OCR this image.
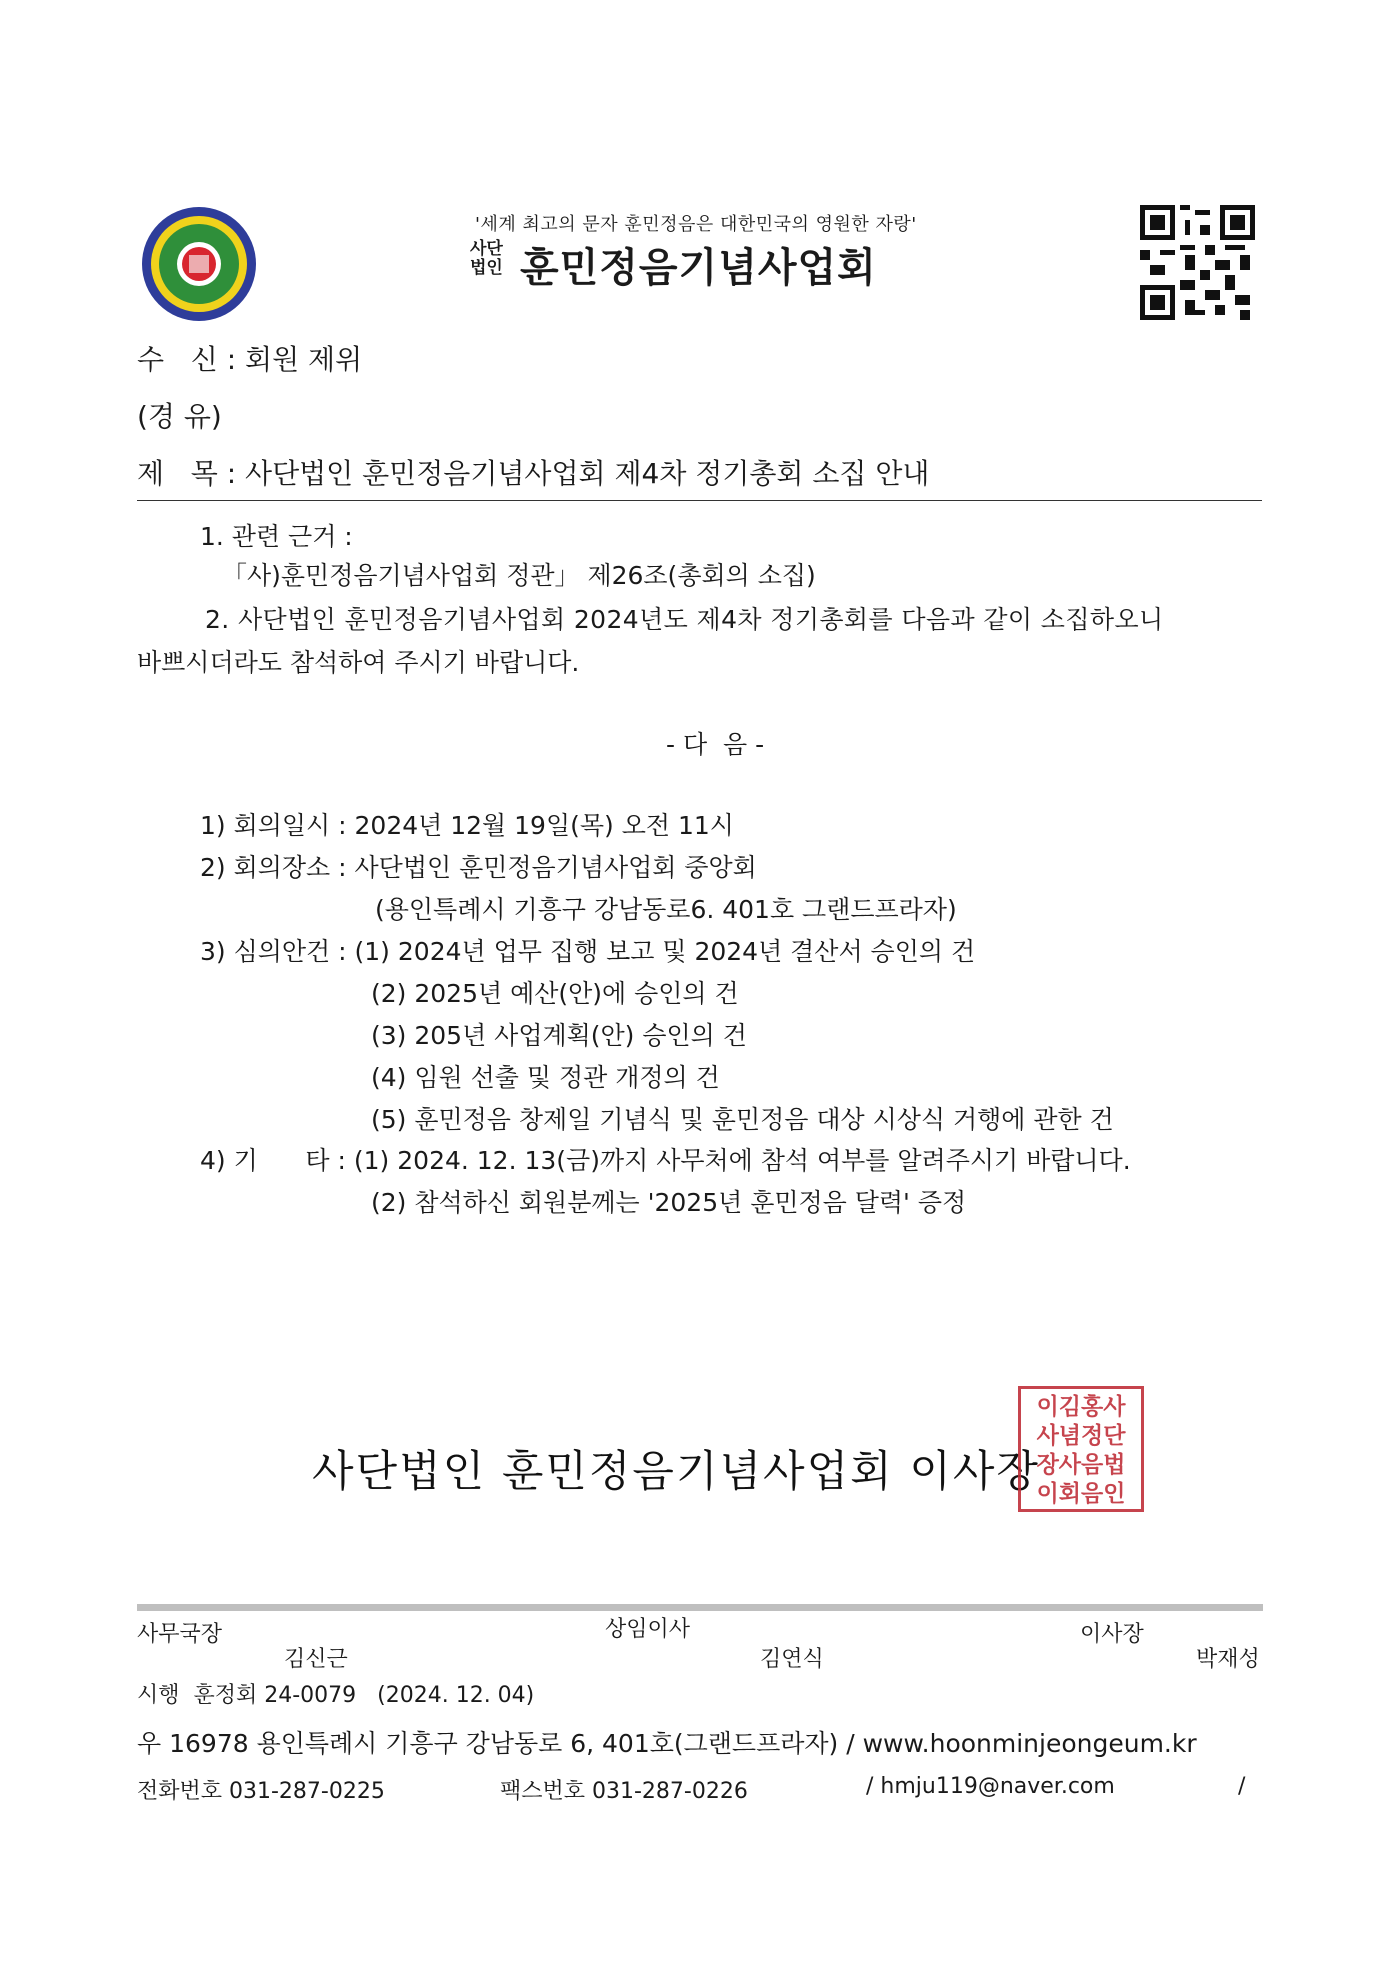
'세계 최고의 문자 훈민정음은 대한민국의 영원한 자랑'
사단
법인 훈민정음기념사업회
수   신 : 회원 제위
(경 유)
제   목 : 사단법인 훈민정음기념사업회 제4차 정기총회 소집 안내
1. 관련 근거 :
「사)훈민정음기념사업회 정관」 제26조(총회의 소집)
2. 사단법인 훈민정음기념사업회 2024년도 제4차 정기총회를 다음과 같이 소집하오니
바쁘시더라도 참석하여 주시기 바랍니다.
- 다  음 -
1) 회의일시 : 2024년 12월 19일(목) 오전 11시
2) 회의장소 : 사단법인 훈민정음기념사업회 중앙회
(용인특례시 기흥구 강남동로6. 401호 그랜드프라자)
3) 심의안건 : (1) 2024년 업무 집행 보고 및 2024년 결산서 승인의 건
(2) 2025년 예산(안)에 승인의 건
(3) 205년 사업계획(안) 승인의 건
(4) 임원 선출 및 정관 개정의 건
(5) 훈민정음 창제일 기념식 및 훈민정음 대상 시상식 거행에 관한 건
4) 기      타 : (1) 2024. 12. 13(금)까지 사무처에 참석 여부를 알려주시기 바랍니다.
(2) 참석하신 회원분께는 '2025년 훈민정음 달력' 증정
사단법인 훈민정음기념사업회 이사장
이김홍사
사념정단
장사음법
이회음인
사무국장
김신근
상임이사
김연식
이사장
박재성
시행  훈정회 24-0079   (2024. 12. 04)
우 16978 용인특례시 기흥구 강남동로 6, 401호(그랜드프라자) / www.hoonminjeongeum.kr
전화번호 031-287-0225	팩스번호 031-287-0226	/ hmju119@naver.com	/
